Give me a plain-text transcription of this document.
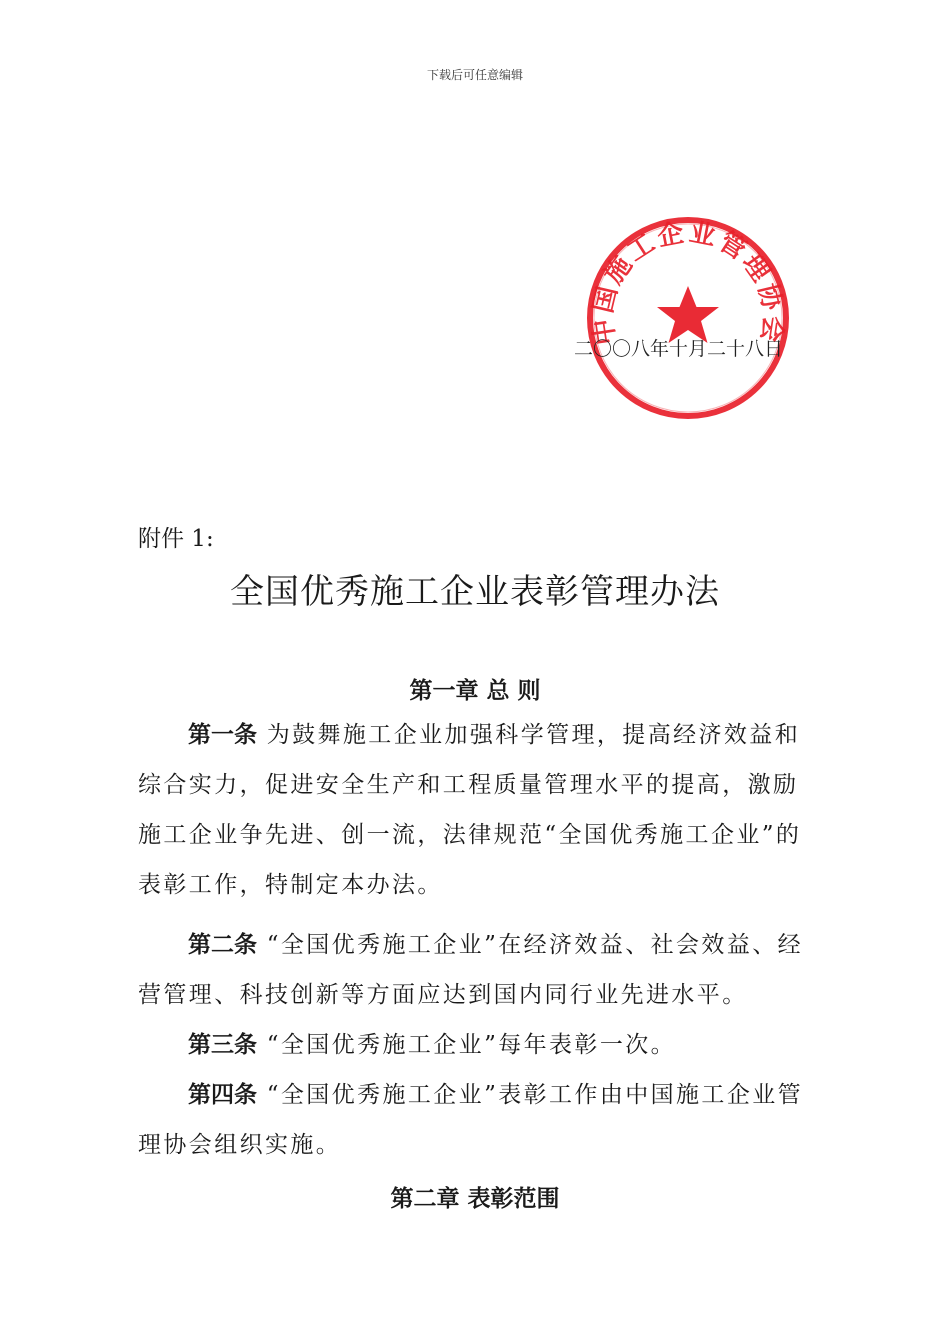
下载后可任意编辑
中国施工企业管理协会
二〇〇八年十月二十八日
附件 1:
全国优秀施工企业表彰管理办法
第一章 总 则

第一条 为鼓舞施工企业加强科学管理，提高经济效益和综合实力，促进安全生产和工程质量管理水平的提高，激励施工企业争先进、创一流，法律规范“全国优秀施工企业”的表彰工作，特制定本办法。

第二条 “全国优秀施工企业”在经济效益、社会效益、经营管理、科技创新等方面应达到国内同行业先进水平。

第三条 “全国优秀施工企业”每年表彰一次。

第四条 “全国优秀施工企业”表彰工作由中国施工企业管理协会组织实施。

第二章 表彰范围
